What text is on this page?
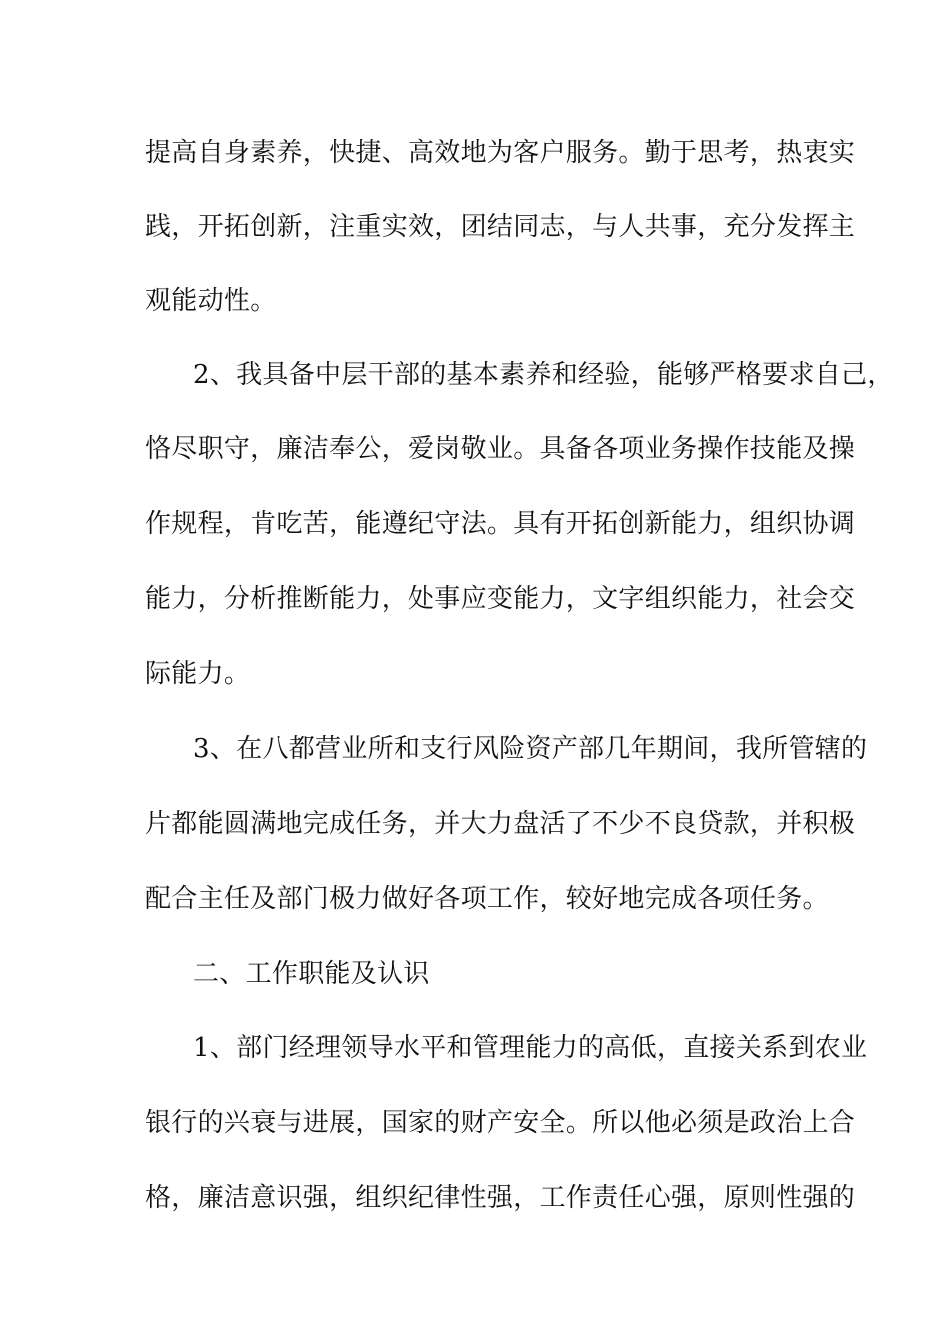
提高自身素养，快捷、高效地为客户服务。勤于思考，热衷实
践，开拓创新，注重实效，团结同志，与人共事，充分发挥主
观能动性。
2、我具备中层干部的基本素养和经验，能够严格要求自己，
恪尽职守，廉洁奉公，爱岗敬业。具备各项业务操作技能及操
作规程，肯吃苦，能遵纪守法。具有开拓创新能力，组织协调
能力，分析推断能力，处事应变能力，文字组织能力，社会交
际能力。
3、在八都营业所和支行风险资产部几年期间，我所管辖的
片都能圆满地完成任务，并大力盘活了不少不良贷款，并积极
配合主任及部门极力做好各项工作，较好地完成各项任务。
二、工作职能及认识
1、部门经理领导水平和管理能力的高低，直接关系到农业
银行的兴衰与进展，国家的财产安全。所以他必须是政治上合
格，廉洁意识强，组织纪律性强，工作责任心强，原则性强的
